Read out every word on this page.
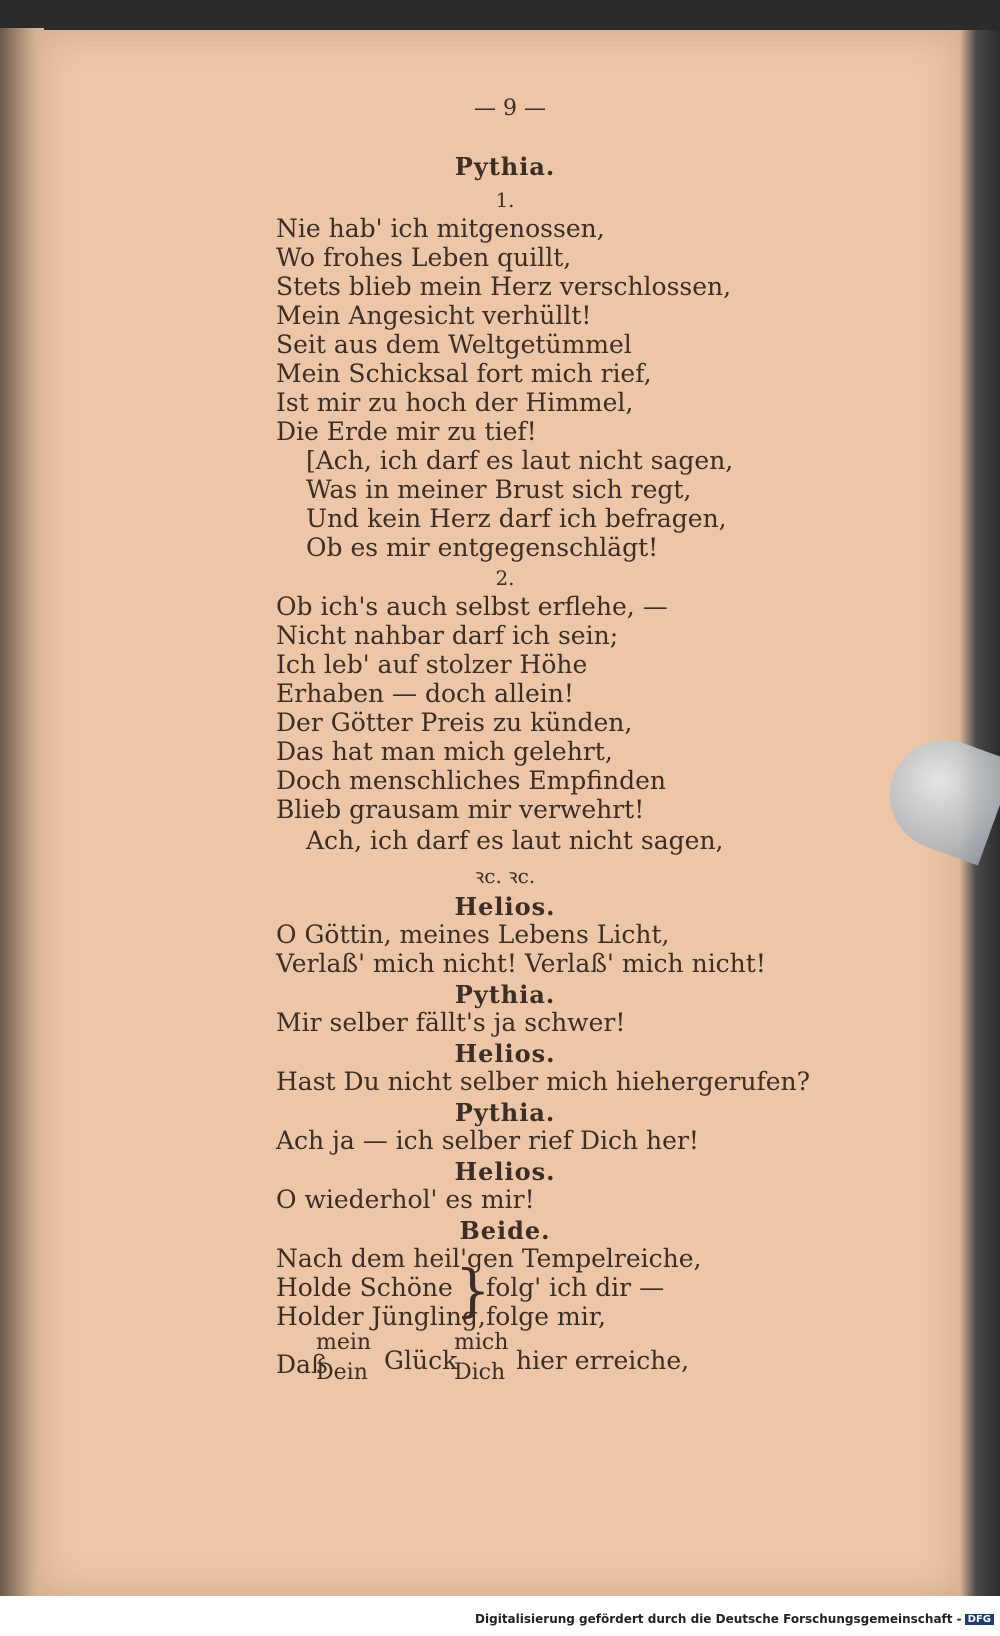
— 9 —
Pythia.
1.
Nie hab' ich mitgenossen,
Wo frohes Leben quillt,
Stets blieb mein Herz verschlossen,
Mein Angesicht verhüllt!
Seit aus dem Weltgetümmel
Mein Schicksal fort mich rief,
Ist mir zu hoch der Himmel,
Die Erde mir zu tief!
[Ach, ich darf es laut nicht sagen,
Was in meiner Brust sich regt,
Und kein Herz darf ich befragen,
Ob es mir entgegenschlägt!
2.
Ob ich's auch selbst erflehe, —
Nicht nahbar darf ich sein;
Ich leb' auf stolzer Höhe
Erhaben — doch allein!
Der Götter Preis zu künden,
Das hat man mich gelehrt,
Doch menschliches Empfinden
Blieb grausam mir verwehrt!
Ach, ich darf es laut nicht sagen,
ꝛc. ꝛc.
Helios.
O Göttin, meines Lebens Licht,
Verlaß' mich nicht! Verlaß' mich nicht!
Pythia.
Mir selber fällt's ja schwer!
Helios.
Hast Du nicht selber mich hiehergerufen?
Pythia.
Ach ja — ich selber rief Dich her!
Helios.
O wiederhol' es mir!
Beide.
Nach dem heil'gen Tempelreiche,
Holde Schöne
Holder Jüngling,
}
folg' ich dir —
folge mir,
Daß
mein
Dein Glück
mich
Dich hier erreiche,
Digitalisierung gefördert durch die Deutsche Forschungsgemeinschaft - DFG
